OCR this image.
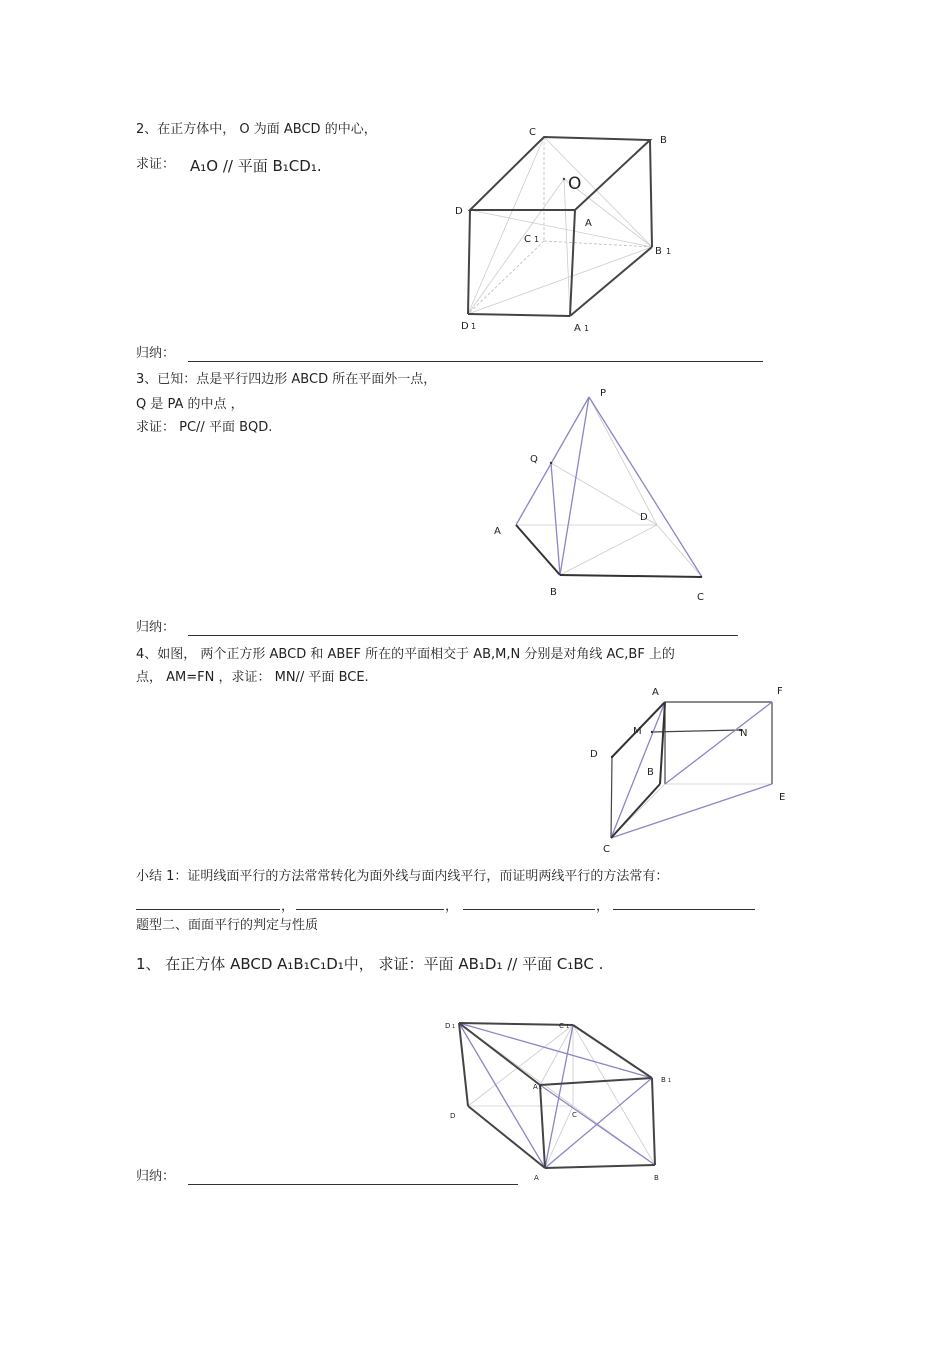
2、在正方体中， O 为面 ABCD 的中心，
求证： A₁O // 平面 B₁CD₁.
C
B
O
D
A
C 1
B 1
D 1	A 1
归纳：
3、已知：点是平行四边形 ABCD 所在平面外一点，
Q 是 PA 的中点 ，
求证： PC// 平面 BQD.
P
Q
A
D
B	C
归纳：
4、如图， 两个正方形 ABCD 和 ABEF 所在的平面相交于 AB,M,N 分别是对角线 AC,BF 上的
点， AM=FN ，求证： MN// 平面 BCE.
A	F
M	N
D
B
E
C
小结 1：证明线面平行的方法常常转化为面外线与面内线平行，而证明两线平行的方法常有：
，	，	，
题型二、面面平行的判定与性质
1、 在正方体 ABCD A₁B₁C₁D₁中， 求证：平面 AB₁D₁ // 平面 C₁BC .
D 1	C 1
A 1
B 1
D	C
A	B
归纳：
